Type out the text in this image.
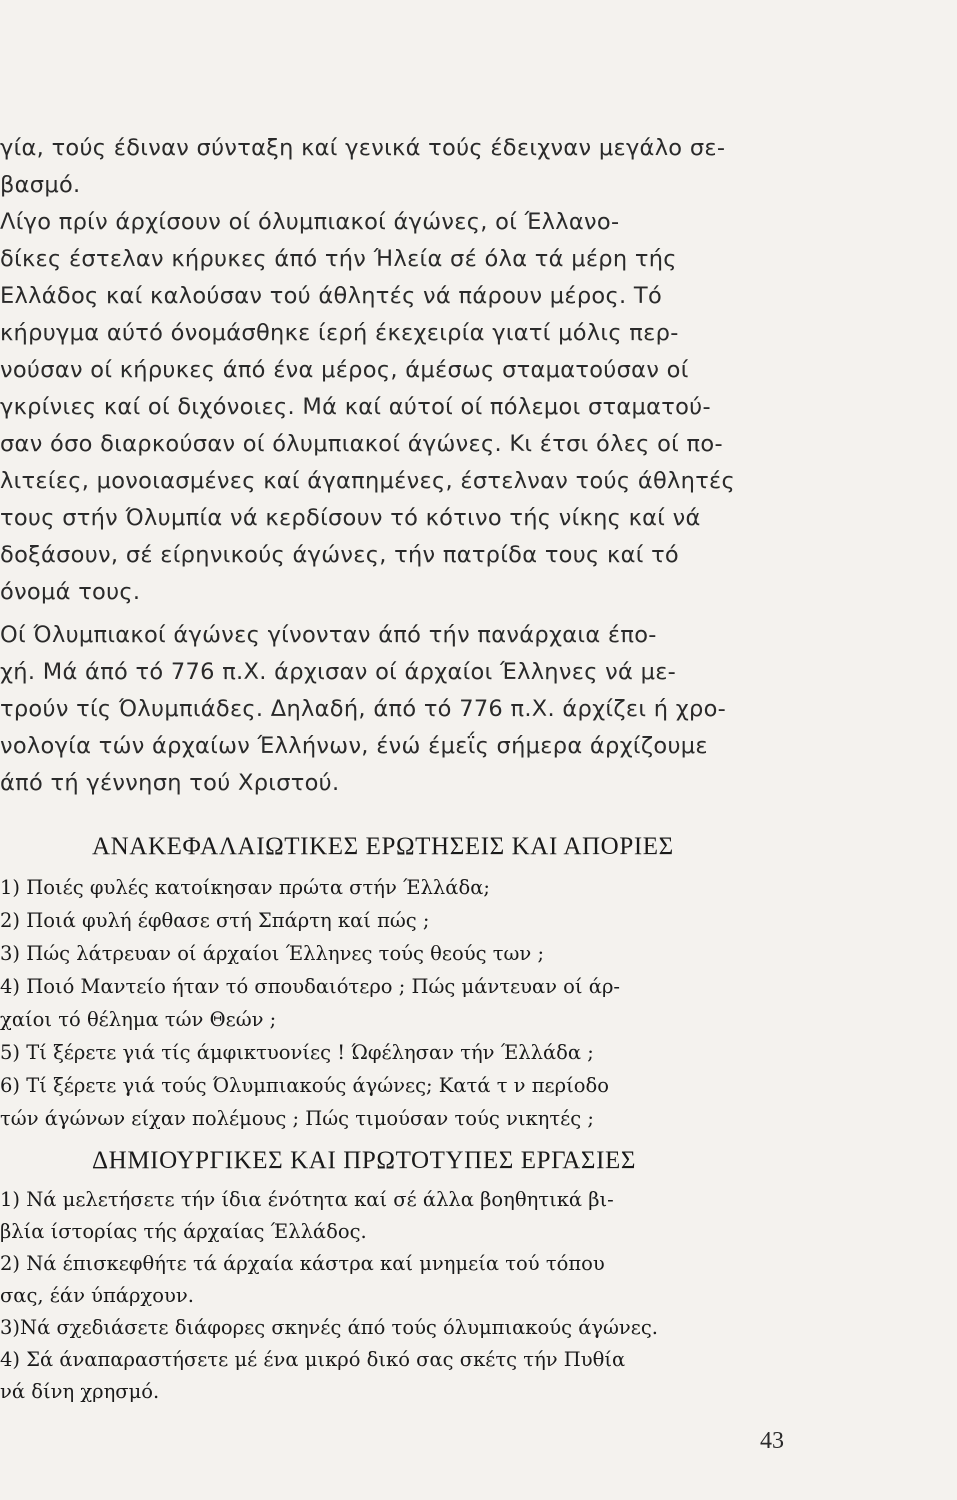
γία, τούς έδιναν σύνταξη καί γενικά τούς έδειχναν μεγάλο σε-
βασμό.
Λίγο πρίν άρχίσουν οί όλυμπιακοί άγώνες, οί Έλλανο-
δίκες έστελαν κήρυκες άπό τήν Ήλεία σέ όλα τά μέρη τής
Ελλάδος καί καλούσαν τού άθλητές νά πάρουν μέρος. Τό
κήρυγμα αύτό όνομάσθηκε ίερή έκεχειρία γιατί μόλις περ-
νούσαν οί κήρυκες άπό ένα μέρος, άμέσως σταματούσαν οί
γκρίνιες καί οί διχόνοιες. Μά καί αύτοί οί πόλεμοι σταματού-
σαν όσο διαρκούσαν οί όλυμπιακοί άγώνες. Κι έτσι όλες οί πο-
λιτείες, μονοιασμένες καί άγαπημένες, έστελναν τούς άθλητές
τους στήν Όλυμπία νά κερδίσουν τό κότινο τής νίκης καί νά
δοξάσουν, σέ είρηνικούς άγώνες, τήν πατρίδα τους καί τό
όνομά τους.
Οί Όλυμπιακοί άγώνες γίνονταν άπό τήν πανάρχαια έπο-
χή. Μά άπό τό 776 π.Χ. άρχισαν οί άρχαίοι Έλληνες νά με-
τρούν τίς Όλυμπιάδες. Δηλαδή, άπό τό 776 π.Χ. άρχίζει ή χρο-
νολογία τών άρχαίων Έλλήνων, ένώ έμεΐς σήμερα άρχίζουμε
άπό τή γέννηση τού Χριστού.
ΑΝΑΚΕΦΑΛΑΙΩΤΙΚΕΣ ΕΡΩΤΗΣΕΙΣ ΚΑΙ ΑΠΟΡΙΕΣ
1) Ποιές φυλές κατοίκησαν πρώτα στήν Έλλάδα;
2) Ποιά φυλή έφθασε στή Σπάρτη καί πώς ;
3) Πώς λάτρευαν οί άρχαίοι Έλληνες τούς θεούς των ;
4) Ποιό Μαντείο ήταν τό σπουδαιότερο ; Πώς μάντευαν οί άρ-
χαίοι τό θέλημα τών Θεών ;
5) Τί ξέρετε γιά τίς άμφικτυονίες ! Ώφέλησαν τήν Έλλάδα ;
6) Τί ξέρετε γιά τούς Όλυμπιακούς άγώνες; Κατά τ ν περίοδο
τών άγώνων είχαν πολέμους ; Πώς τιμούσαν τούς νικητές ;
ΔΗΜΙΟΥΡΓΙΚΕΣ ΚΑΙ ΠΡΩΤΟΤΥΠΕΣ ΕΡΓΑΣΙΕΣ
1) Νά μελετήσετε τήν ίδια ένότητα καί σέ άλλα βοηθητικά βι-
βλία ίστορίας τής άρχαίας Έλλάδος.
2) Νά έπισκεφθήτε τά άρχαία κάστρα καί μνημεία τού τόπου
σας, έάν ύπάρχουν.
3)Νά σχεδιάσετε διάφορες σκηνές άπό τούς όλυμπιακούς άγώνες.
4) Σά άναπαραστήσετε μέ ένα μικρό δικό σας σκέτς τήν Πυθία
νά δίνη χρησμό.
43
